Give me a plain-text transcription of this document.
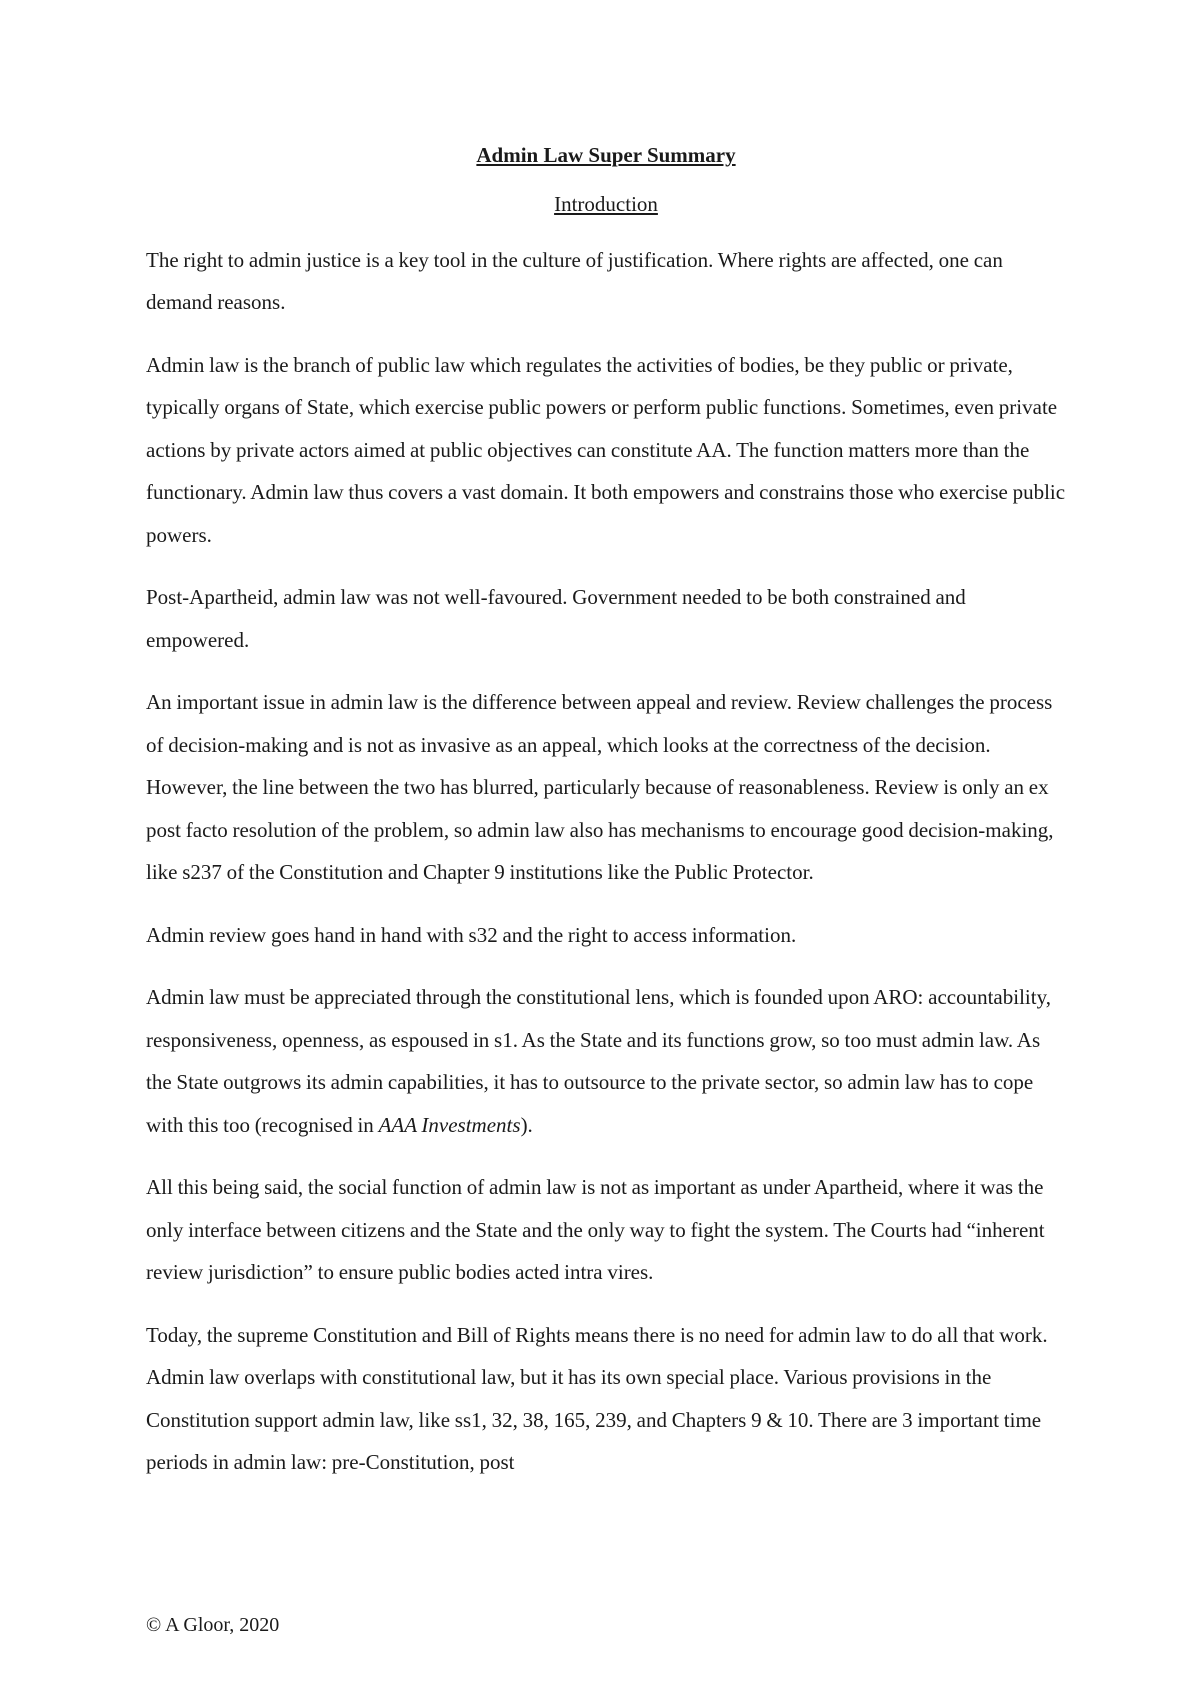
Admin Law Super Summary
Introduction

The right to admin justice is a key tool in the culture of justification. Where rights are affected, one can demand reasons.

Admin law is the branch of public law which regulates the activities of bodies, be they public or private, typically organs of State, which exercise public powers or perform public functions. Sometimes, even private actions by private actors aimed at public objectives can constitute AA. The function matters more than the functionary. Admin law thus covers a vast domain. It both empowers and constrains those who exercise public powers.

Post-Apartheid, admin law was not well-favoured. Government needed to be both constrained and empowered.

An important issue in admin law is the difference between appeal and review. Review challenges the process of decision-making and is not as invasive as an appeal, which looks at the correctness of the decision. However, the line between the two has blurred, particularly because of reasonableness. Review is only an ex post facto resolution of the problem, so admin law also has mechanisms to encourage good decision-making, like s237 of the Constitution and Chapter 9 institutions like the Public Protector.

Admin review goes hand in hand with s32 and the right to access information.

Admin law must be appreciated through the constitutional lens, which is founded upon ARO: accountability, responsiveness, openness, as espoused in s1. As the State and its functions grow, so too must admin law. As the State outgrows its admin capabilities, it has to outsource to the private sector, so admin law has to cope with this too (recognised in AAA Investments).

All this being said, the social function of admin law is not as important as under Apartheid, where it was the only interface between citizens and the State and the only way to fight the system. The Courts had “inherent review jurisdiction” to ensure public bodies acted intra vires.

Today, the supreme Constitution and Bill of Rights means there is no need for admin law to do all that work. Admin law overlaps with constitutional law, but it has its own special place. Various provisions in the Constitution support admin law, like ss1, 32, 38, 165, 239, and Chapters 9 & 10. There are 3 important time periods in admin law: pre-Constitution, post

© A Gloor, 2020
